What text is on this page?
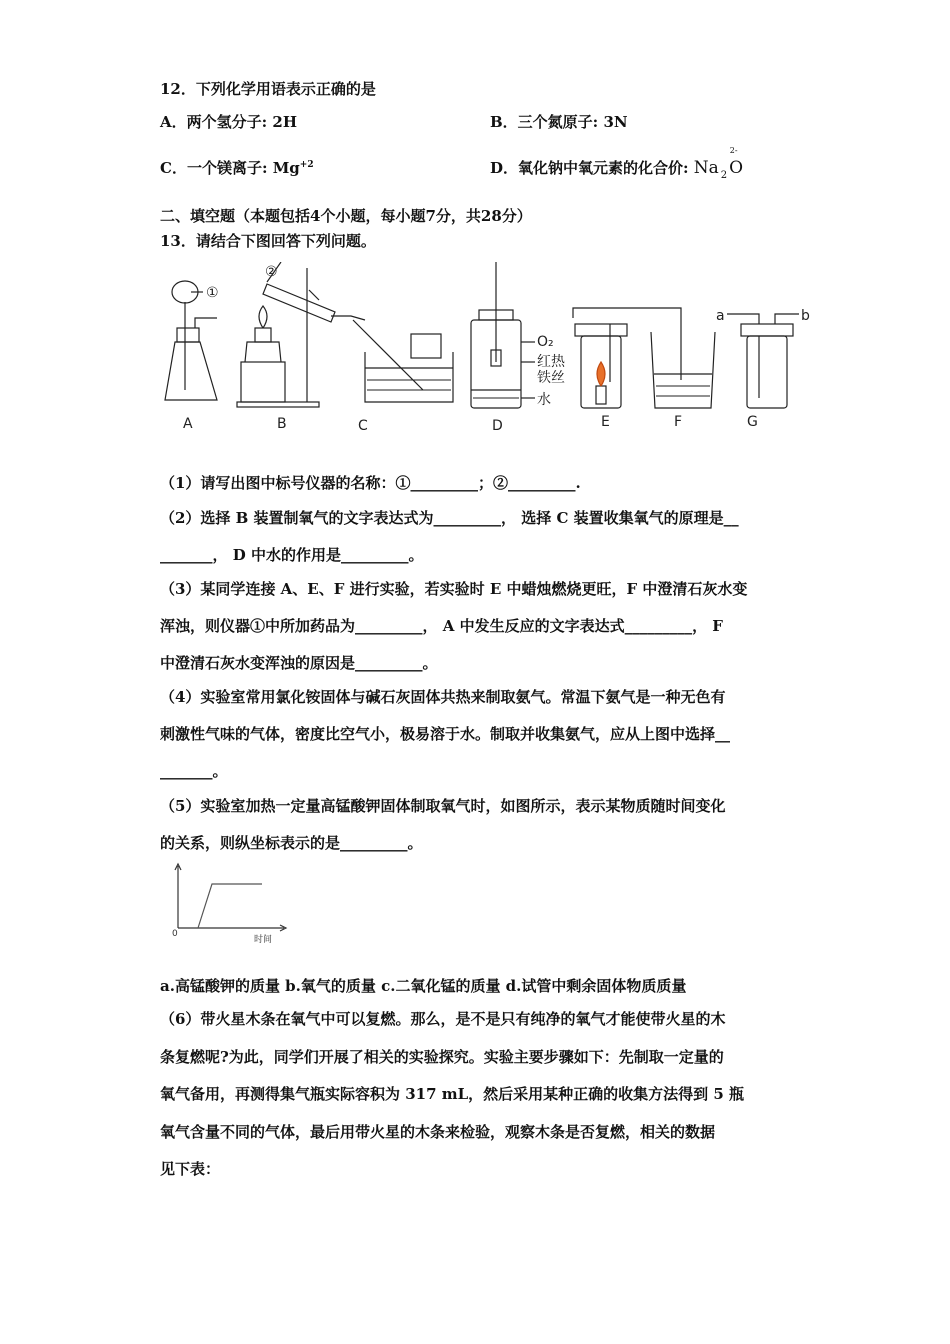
12．下列化学用语表示正确的是
A．两个氢分子: 2H	B．三个氮原子: 3N
C．一个镁离子: $Mg^{+2}$	D．氧化钠中氧元素的化合价: Na $_2$ O
2-
二、填空题（本题包括4个小题，每小题7分，共28分）
13．请结合下图回答下列问题。
①
②
O₂
红热
铁丝
水
a	b
A	B	C	D	E	F	G
（1）请写出图中标号仪器的名称：①_________；②_________.
（2）选择 B 装置制氧气的文字表达式为_________， 选择 C 装置收集氧气的原理是__
_______， D 中水的作用是_________。
（3）某同学连接 A、E、F 进行实验，若实验时 E 中蜡烛燃烧更旺，F 中澄清石灰水变
浑浊，则仪器①中所加药品为_________， A 中发生反应的文字表达式_________， F
中澄清石灰水变浑浊的原因是_________。
（4）实验室常用氯化铵固体与碱石灰固体共热来制取氨气。常温下氨气是一种无色有
刺激性气味的气体，密度比空气小，极易溶于水。制取并收集氨气，应从上图中选择__
_______。
（5）实验室加热一定量高锰酸钾固体制取氧气时，如图所示，表示某物质随时间变化
的关系，则纵坐标表示的是_________。
0
时间
a.高锰酸钾的质量 b.氧气的质量 c.二氧化锰的质量 d.试管中剩余固体物质质量
（6）带火星木条在氧气中可以复燃。那么，是不是只有纯净的氧气才能使带火星的木
条复燃呢?为此，同学们开展了相关的实验探究。实验主要步骤如下：先制取一定量的
氧气备用，再测得集气瓶实际容积为 317 mL，然后采用某种正确的收集方法得到 5 瓶
氧气含量不同的气体，最后用带火星的木条来检验，观察木条是否复燃，相关的数据
见下表：
